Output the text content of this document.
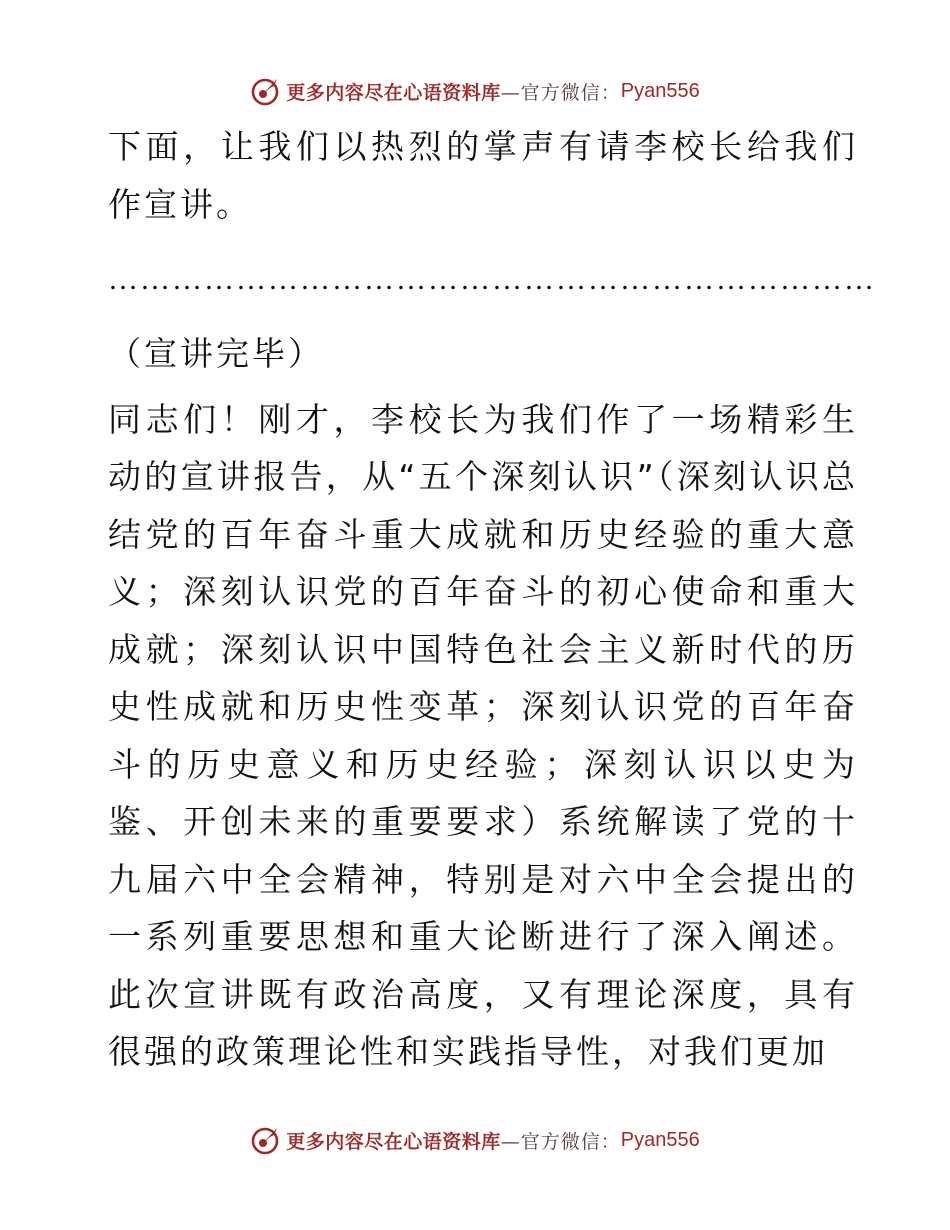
更多内容尽在心语资料库 —官方微信： Pyan556

下面，让我们以热烈的掌声有请李校长给我们作宣讲。

………………………………………………………………

（宣讲完毕）

同志们！刚才，李校长为我们作了一场精彩生动的宣讲报告，从“五个深刻认识”（深刻认识总结党的百年奋斗重大成就和历史经验的重大意义；深刻认识党的百年奋斗的初心使命和重大成就；深刻认识中国特色社会主义新时代的历史性成就和历史性变革；深刻认识党的百年奋斗的历史意义和历史经验；深刻认识以史为鉴、开创未来的重要要求）系统解读了党的十九届六中全会精神，特别是对六中全会提出的一系列重要思想和重大论断进行了深入阐述。此次宣讲既有政治高度，又有理论深度，具有很强的政策理论性和实践指导性，对我们更加

更多内容尽在心语资料库 —官方微信： Pyan556
